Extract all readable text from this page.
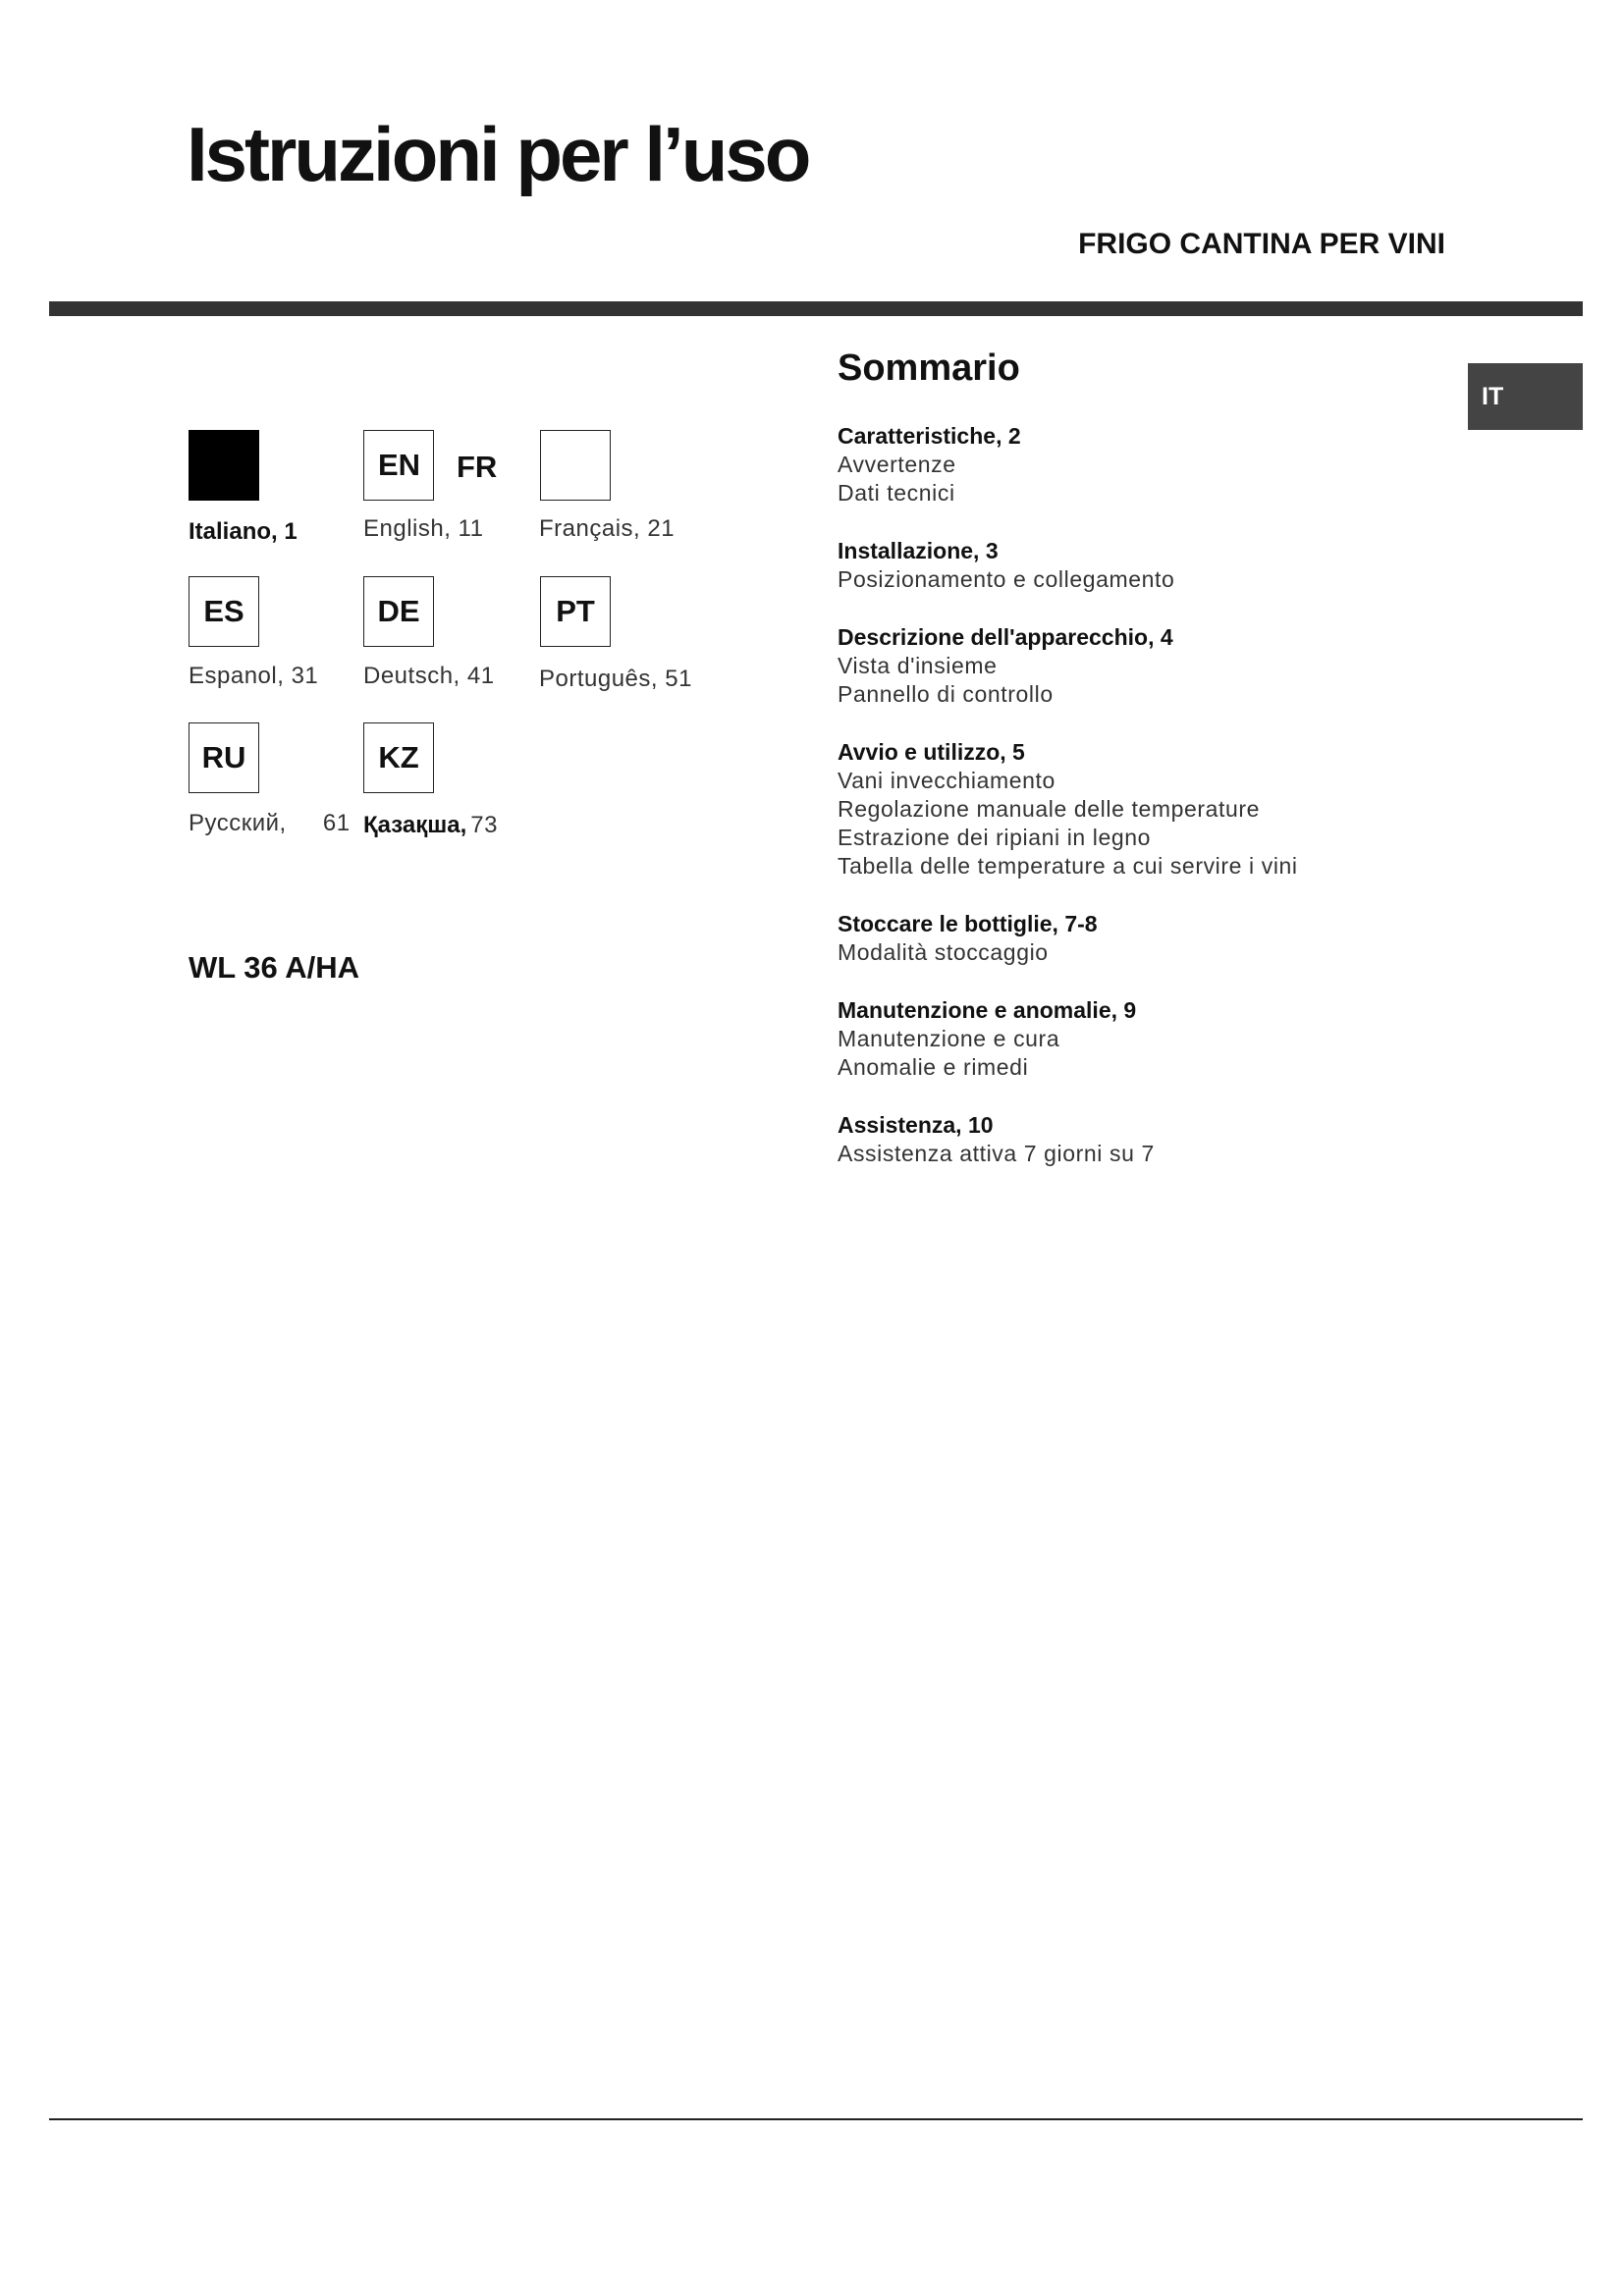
Istruzioni per l’uso
FRIGO CANTINA PER VINI
Italiano, 1
EN FR
English, 11 Français, 21
ES
Espanol, 31
DE
Deutsch, 41
PT
Português, 51
RU
Русский, 61
KZ
Қазақша, 73
WL 36 A/HA
Sommario
Caratteristiche, 2
Avvertenze
Dati tecnici
Installazione, 3
Posizionamento e collegamento
Descrizione dell'apparecchio, 4
Vista d'insieme
Pannello di controllo
Avvio e utilizzo, 5
Vani invecchiamento
Regolazione manuale delle temperature
Estrazione dei ripiani in legno
Tabella delle temperature a cui servire i vini
Stoccare le bottiglie, 7-8
Modalità stoccaggio
Manutenzione e anomalie, 9
Manutenzione e cura
Anomalie e rimedi
Assistenza, 10
Assistenza attiva 7 giorni su 7
IT
